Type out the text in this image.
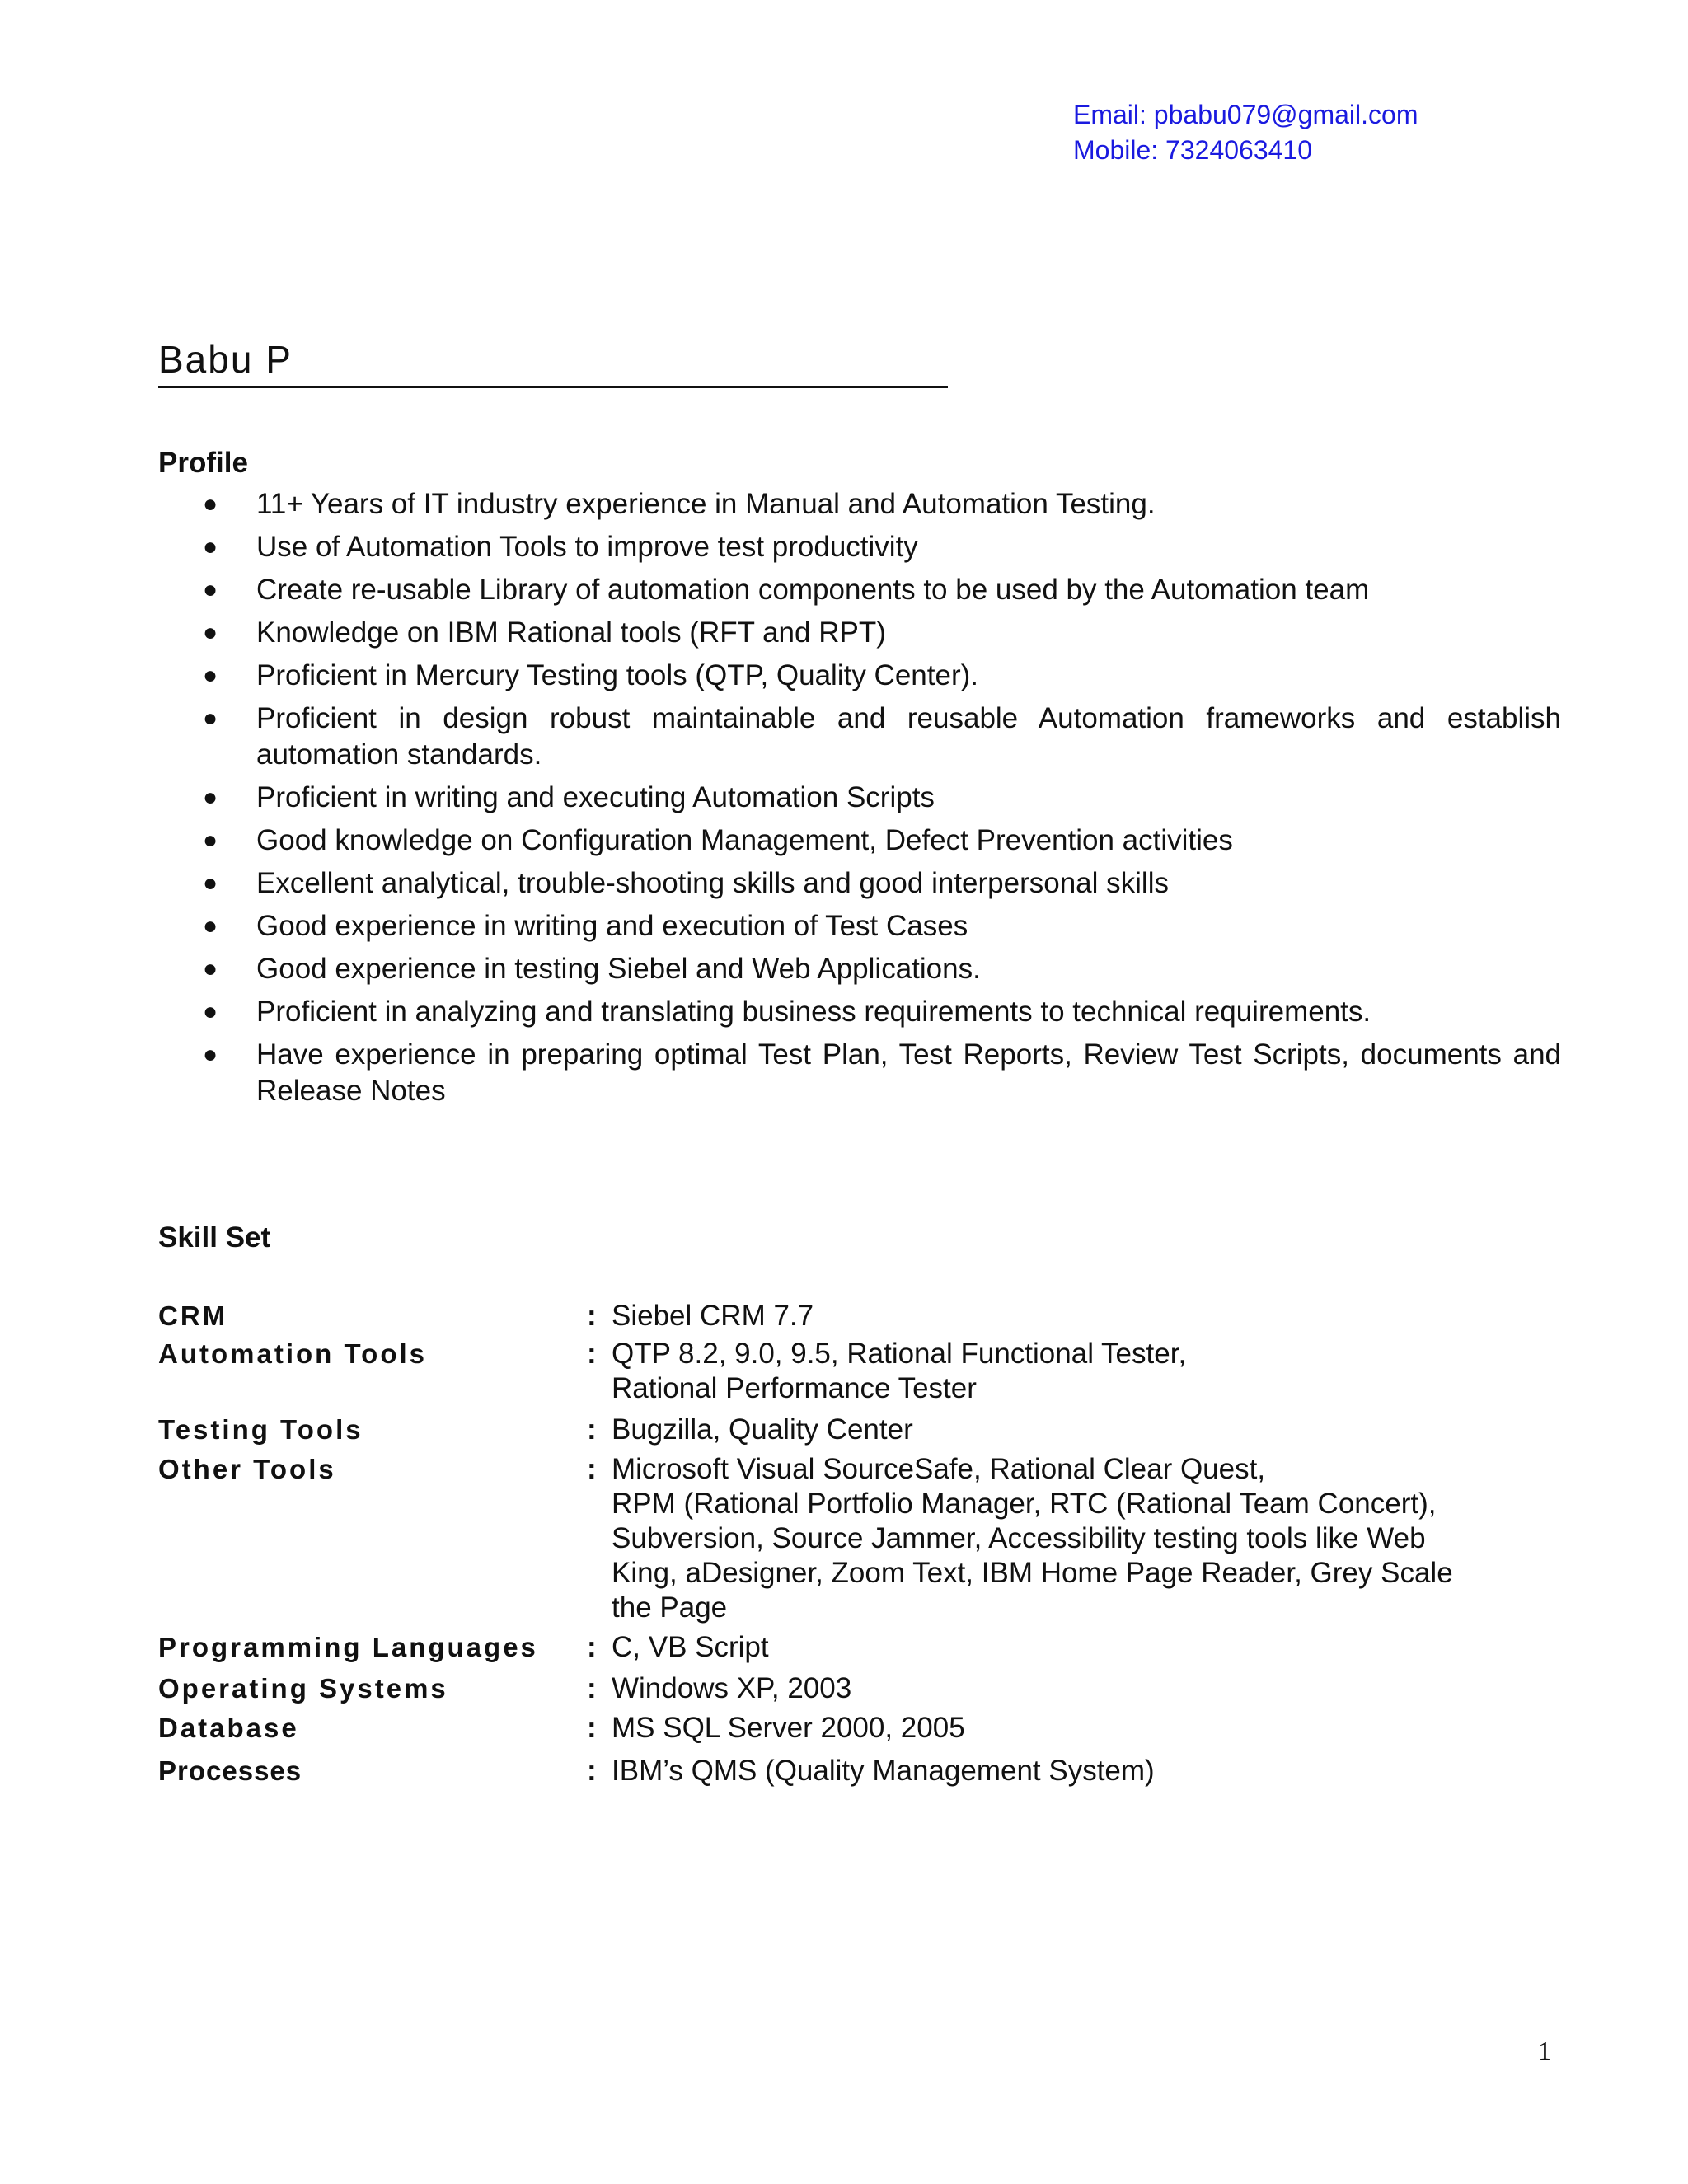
Email: pbabu079@gmail.com
Mobile: 7324063410
Babu P
Profile
● 11+ Years of IT industry experience in Manual and Automation Testing.
● Use of Automation Tools to improve test productivity
● Create re-usable Library of automation components to be used by the Automation team
● Knowledge on IBM Rational tools (RFT and RPT)
● Proficient in Mercury Testing tools (QTP, Quality Center).
● Proficient in design robust maintainable and reusable Automation frameworks and establish automation standards.
● Proficient in writing and executing Automation Scripts
● Good knowledge on Configuration Management, Defect Prevention activities
● Excellent analytical, trouble-shooting skills and good interpersonal skills
● Good experience in writing and execution of Test Cases
● Good experience in testing Siebel and Web Applications.
● Proficient in analyzing and translating business requirements to technical requirements.
● Have experience in preparing optimal Test Plan, Test Reports, Review Test Scripts, documents and Release Notes
Skill Set
CRM	: Siebel CRM 7.7
Automation Tools	: QTP 8.2, 9.0, 9.5, Rational Functional Tester,
Rational Performance Tester
Testing Tools	: Bugzilla, Quality Center
Other Tools	: Microsoft Visual SourceSafe, Rational Clear Quest,
RPM (Rational Portfolio Manager, RTC (Rational Team Concert),
Subversion, Source Jammer, Accessibility testing tools like Web
King, aDesigner, Zoom Text, IBM Home Page Reader, Grey Scale
the Page
Programming Languages	: C, VB Script
Operating Systems	: Windows XP, 2003
Database	: MS SQL Server 2000, 2005
Processes	: IBM’s QMS (Quality Management System)
1
